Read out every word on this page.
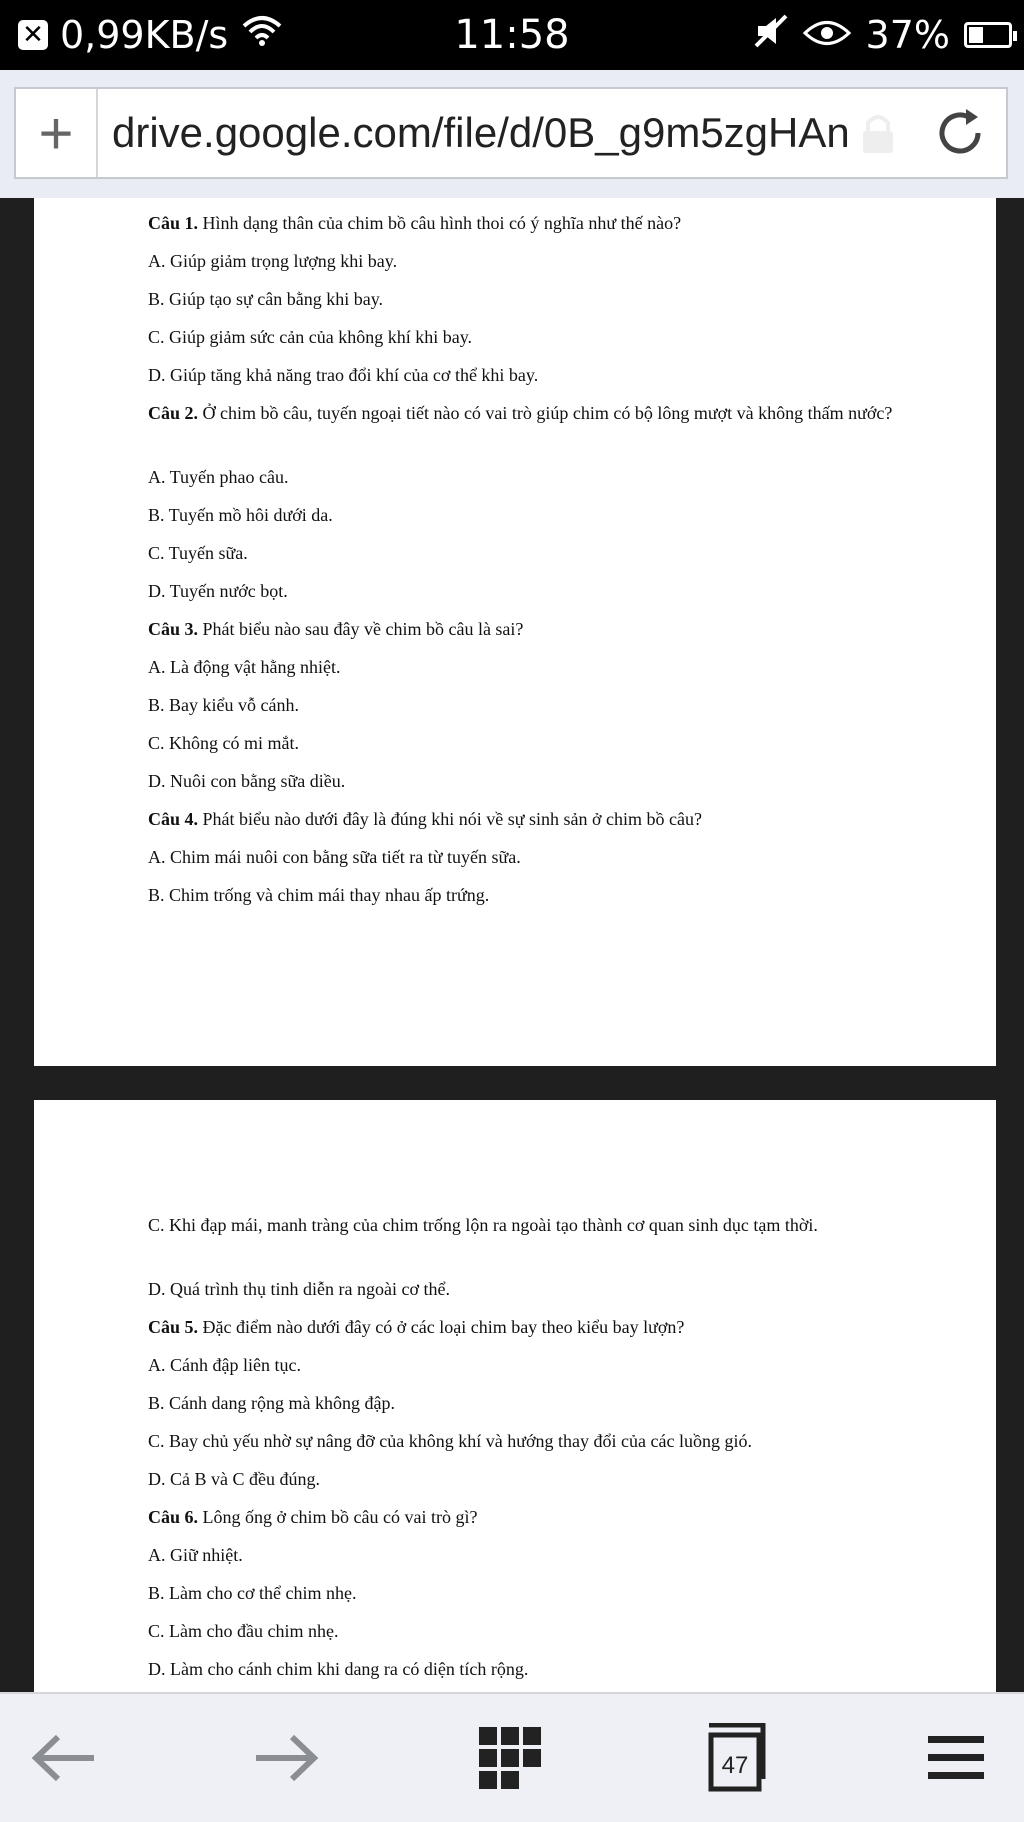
✕ 0,99KB/s	11:58	37%
+ drive.google.com/file/d/0B_g9m5zgHAn
Câu 1. Hình dạng thân của chim bồ câu hình thoi có ý nghĩa như thế nào?
A. Giúp giảm trọng lượng khi bay.
B. Giúp tạo sự cân bằng khi bay.
C. Giúp giảm sức cản của không khí khi bay.
D. Giúp tăng khả năng trao đổi khí của cơ thể khi bay.
Câu 2. Ở chim bồ câu, tuyến ngoại tiết nào có vai trò giúp chim có bộ lông mượt và không thấm nước?
A. Tuyến phao câu.
B. Tuyến mồ hôi dưới da.
C. Tuyến sữa.
D. Tuyến nước bọt.
Câu 3. Phát biểu nào sau đây về chim bồ câu là sai?
A. Là động vật hằng nhiệt.
B. Bay kiểu vỗ cánh.
C. Không có mi mắt.
D. Nuôi con bằng sữa diều.
Câu 4. Phát biểu nào dưới đây là đúng khi nói về sự sinh sản ở chim bồ câu?
A. Chim mái nuôi con bằng sữa tiết ra từ tuyến sữa.
B. Chim trống và chim mái thay nhau ấp trứng.
C. Khi đạp mái, manh tràng của chim trống lộn ra ngoài tạo thành cơ quan sinh dục tạm thời.
D. Quá trình thụ tinh diễn ra ngoài cơ thể.
Câu 5. Đặc điểm nào dưới đây có ở các loại chim bay theo kiểu bay lượn?
A. Cánh đập liên tục.
B. Cánh dang rộng mà không đập.
C. Bay chủ yếu nhờ sự nâng đỡ của không khí và hướng thay đổi của các luồng gió.
D. Cả B và C đều đúng.
Câu 6. Lông ống ở chim bồ câu có vai trò gì?
A. Giữ nhiệt.
B. Làm cho cơ thể chim nhẹ.
C. Làm cho đầu chim nhẹ.
D. Làm cho cánh chim khi dang ra có diện tích rộng.
47
